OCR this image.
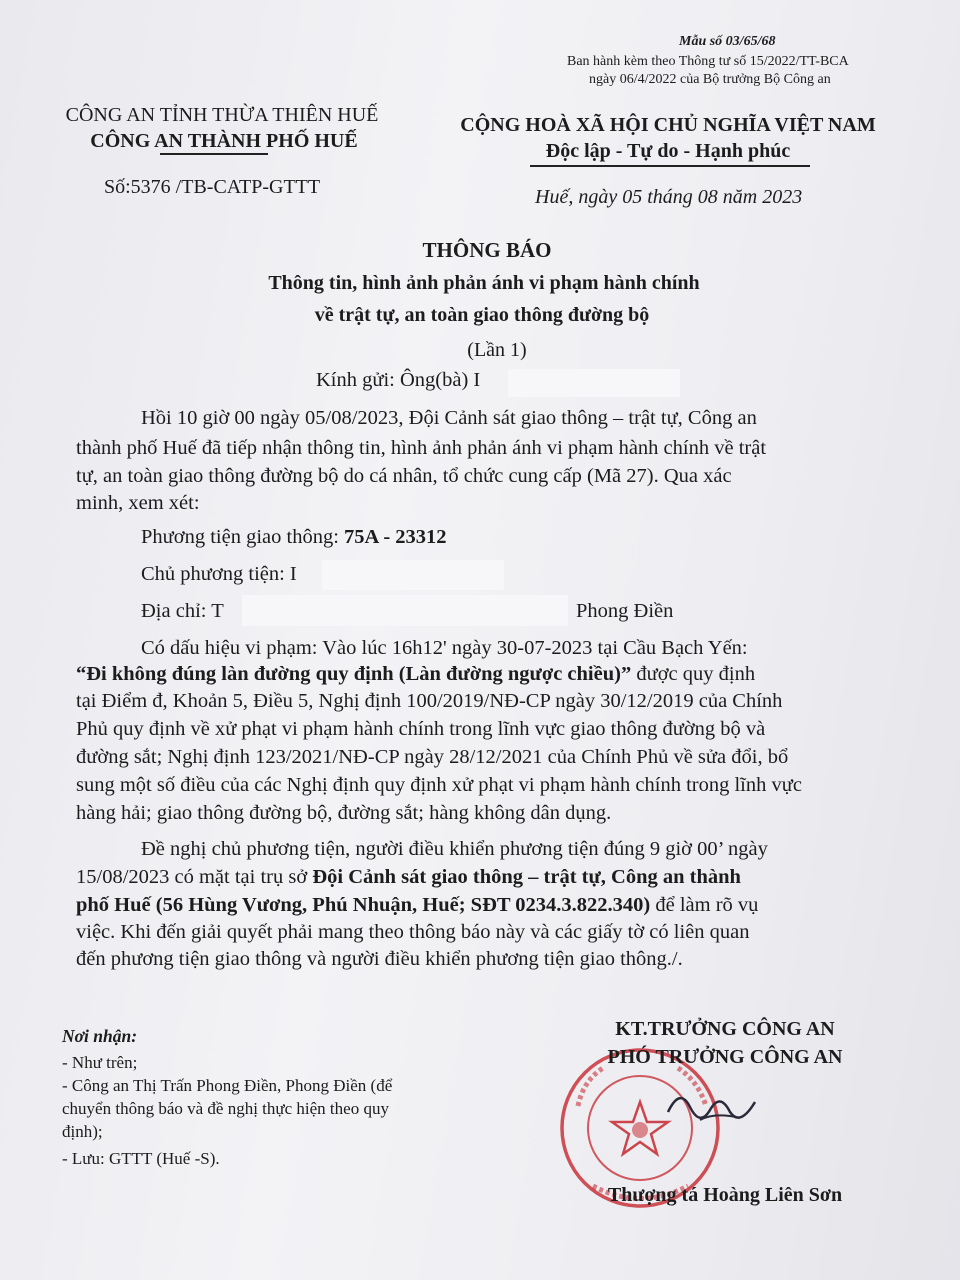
Mẫu số 03/65/68
Ban hành kèm theo Thông tư số 15/2022/TT-BCA
ngày 06/4/2022 của Bộ trưởng Bộ Công an
CÔNG AN TỈNH THỪA THIÊN HUẾ
CÔNG AN THÀNH PHỐ HUẾ
Số:5376 /TB-CATP-GTTT
CỘNG HOÀ XÃ HỘI CHỦ NGHĨA VIỆT NAM
Độc lập - Tự do - Hạnh phúc
Huế, ngày 05 tháng 08 năm 2023
THÔNG BÁO
Thông tin, hình ảnh phản ánh vi phạm hành chính
về trật tự, an toàn giao thông đường bộ
(Lần 1)
Kính gửi: Ông(bà) I
Hồi 10 giờ 00 ngày 05/08/2023, Đội Cảnh sát giao thông – trật tự, Công an
thành phố Huế đã tiếp nhận thông tin, hình ảnh phản ánh vi phạm hành chính về trật
tự, an toàn giao thông đường bộ do cá nhân, tổ chức cung cấp (Mã 27). Qua xác
minh, xem xét:
Phương tiện giao thông: 75A - 23312
Chủ phương tiện: I
Địa chỉ: T	Phong Điền
Có dấu hiệu vi phạm: Vào lúc 16h12' ngày 30-07-2023 tại Cầu Bạch Yến:
“Đi không đúng làn đường quy định (Làn đường ngược chiều)” được quy định
tại Điểm đ, Khoản 5, Điều 5, Nghị định 100/2019/NĐ-CP ngày 30/12/2019 của Chính
Phủ quy định về xử phạt vi phạm hành chính trong lĩnh vực giao thông đường bộ và
đường sắt; Nghị định 123/2021/NĐ-CP ngày 28/12/2021 của Chính Phủ về sửa đổi, bổ
sung một số điều của các Nghị định quy định xử phạt vi phạm hành chính trong lĩnh vực
hàng hải; giao thông đường bộ, đường sắt; hàng không dân dụng.
Đề nghị chủ phương tiện, người điều khiển phương tiện đúng 9 giờ 00’ ngày
15/08/2023 có mặt tại trụ sở Đội Cảnh sát giao thông – trật tự, Công an thành
phố Huế (56 Hùng Vương, Phú Nhuận, Huế; SĐT 0234.3.822.340) để làm rõ vụ
việc. Khi đến giải quyết phải mang theo thông báo này và các giấy tờ có liên quan
đến phương tiện giao thông và người điều khiển phương tiện giao thông./.
Nơi nhận:
- Như trên;
- Công an Thị Trấn Phong Điền, Phong Điền (để
chuyển thông báo và đề nghị thực hiện theo quy
định);
- Lưu: GTTT (Huế -S).
KT.TRƯỞNG CÔNG AN
PHÓ TRƯỞNG CÔNG AN
Thượng tá Hoàng Liên Sơn
